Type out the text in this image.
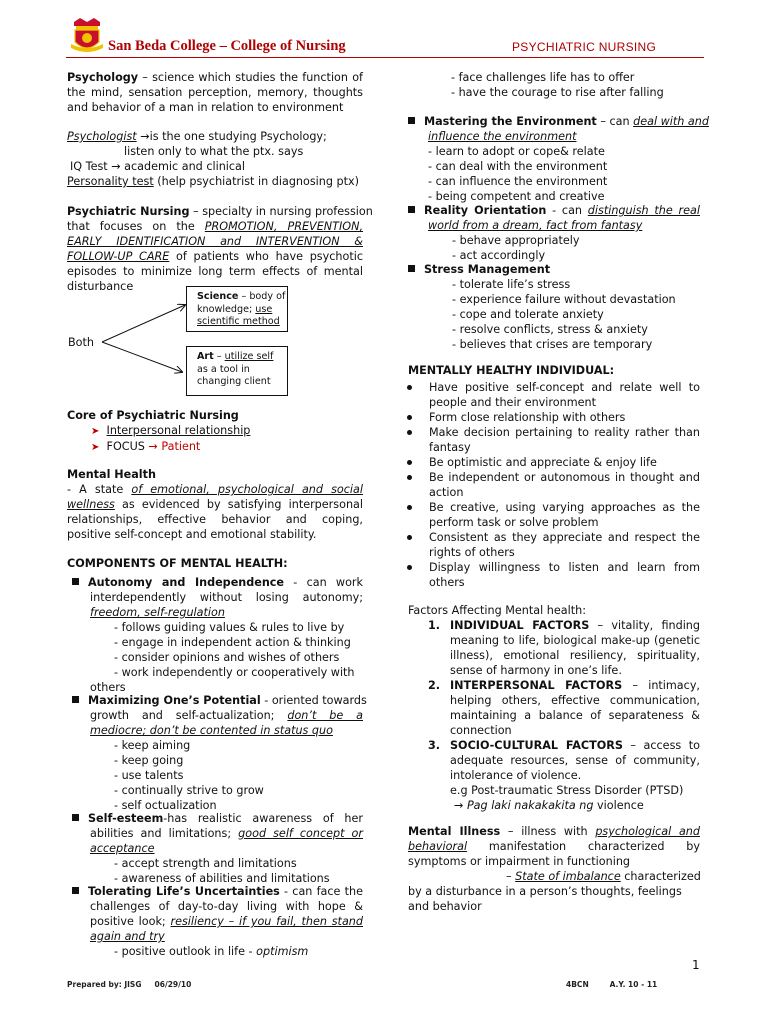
San Beda College – College of Nursing	PSYCHIATRIC NURSING
Psychology – science which studies the function of
the mind, sensation perception, memory, thoughts
and behavior of a man in relation to environment
Psychologist →is the one studying Psychology;
listen only to what the ptx. says
IQ Test → academic and clinical
Personality test (help psychiatrist in diagnosing ptx)
Psychiatric Nursing – specialty in nursing profession
that focuses on the PROMOTION, PREVENTION,
EARLY IDENTIFICATION and INTERVENTION &
FOLLOW-UP CARE of patients who have psychotic
episodes to minimize long term effects of mental
disturbance
Both
Science – body of
knowledge; use
scientific method
Art – utilize self
as a tool in
changing client
Core of Psychiatric Nursing
➤ Interpersonal relationship
➤ FOCUS → Patient
Mental Health
- A state of emotional, psychological and social
wellness as evidenced by satisfying interpersonal
relationships, effective behavior and coping,
positive self-concept and emotional stability.
COMPONENTS OF MENTAL HEALTH:
Autonomy and Independence - can work
interdependently without losing autonomy;
freedom, self-regulation
- follows guiding values & rules to live by
- engage in independent action & thinking
- consider opinions and wishes of others
- work independently or cooperatively with
others
Maximizing One’s Potential - oriented towards
growth and self-actualization; don’t be a
mediocre; don’t be contented in status quo
- keep aiming
- keep going
- use talents
- continually strive to grow
- self octualization
Self-esteem-has realistic awareness of her
abilities and limitations; good self concept or
acceptance
- accept strength and limitations
- awareness of abilities and limitations
Tolerating Life’s Uncertainties - can face the
challenges of day-to-day living with hope &
positive look; resiliency – if you fail, then stand
again and try
- positive outlook in life - optimism
- face challenges life has to offer
- have the courage to rise after falling
Mastering the Environment – can deal with and
influence the environment
- learn to adopt or cope& relate
- can deal with the environment
- can influence the environment
- being competent and creative
Reality Orientation - can distinguish the real
world from a dream, fact from fantasy
- behave appropriately
- act accordingly
Stress Management
- tolerate life’s stress
- experience failure without devastation
- cope and tolerate anxiety
- resolve conflicts, stress & anxiety
- believes that crises are temporary
MENTALLY HEALTHY INDIVIDUAL:
Have positive self-concept and relate well to
people and their environment
Form close relationship with others
Make decision pertaining to reality rather than
fantasy
Be optimistic and appreciate & enjoy life
Be independent or autonomous in thought and
action
Be creative, using varying approaches as the
perform task or solve problem
Consistent as they appreciate and respect the
rights of others
Display willingness to listen and learn from
others
Factors Affecting Mental health:
1. INDIVIDUAL FACTORS – vitality, finding
meaning to life, biological make-up (genetic
illness), emotional resiliency, spirituality,
sense of harmony in one’s life.
2. INTERPERSONAL FACTORS – intimacy,
helping others, effective communication,
maintaining a balance of separateness &
connection
3. SOCIO-CULTURAL FACTORS – access to
adequate resources, sense of community,
intolerance of violence.
e.g Post-traumatic Stress Disorder (PTSD)
→ Pag laki nakakakita ng violence
Mental Illness – illness with psychological and
behavioral manifestation characterized by
symptoms or impairment in functioning
– State of imbalance characterized
by a disturbance in a person’s thoughts, feelings
and behavior
1
Prepared by: JISG     06/29/10	4BCN        A.Y. 10 - 11
